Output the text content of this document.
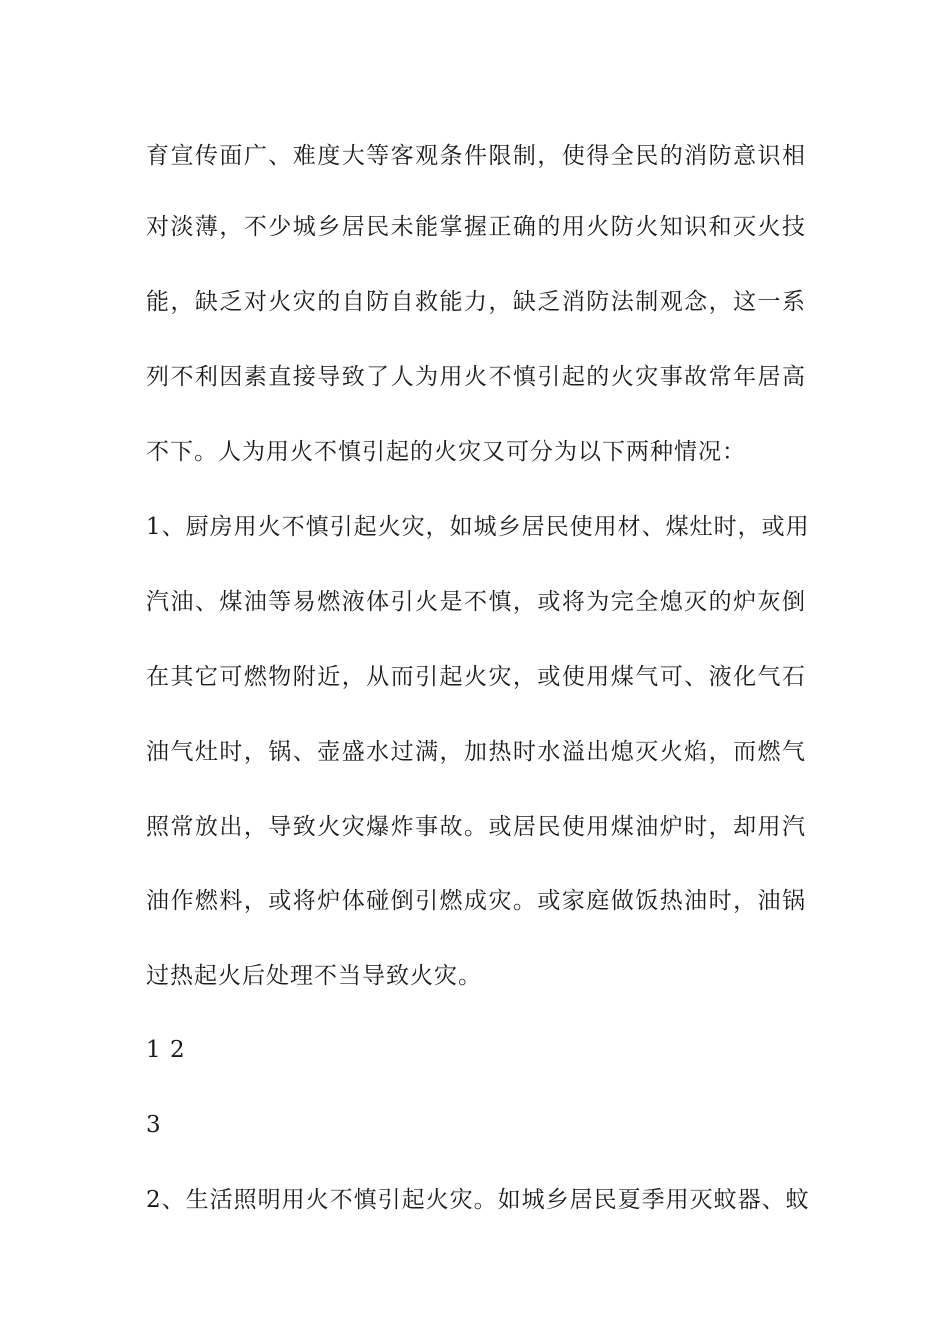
育宣传面广、难度大等客观条件限制，使得全民的消防意识相
对淡薄，不少城乡居民未能掌握正确的用火防火知识和灭火技
能，缺乏对火灾的自防自救能力，缺乏消防法制观念，这一系
列不利因素直接导致了人为用火不慎引起的火灾事故常年居高
不下。人为用火不慎引起的火灾又可分为以下两种情况：
1、厨房用火不慎引起火灾，如城乡居民使用材、煤灶时，或用
汽油、煤油等易燃液体引火是不慎，或将为完全熄灭的炉灰倒
在其它可燃物附近，从而引起火灾，或使用煤气可、液化气石
油气灶时，锅、壶盛水过满，加热时水溢出熄灭火焰，而燃气
照常放出，导致火灾爆炸事故。或居民使用煤油炉时，却用汽
油作燃料，或将炉体碰倒引燃成灾。或家庭做饭热油时，油锅
过热起火后处理不当导致火灾。
1 2
3
2、生活照明用火不慎引起火灾。如城乡居民夏季用灭蚊器、蚊
